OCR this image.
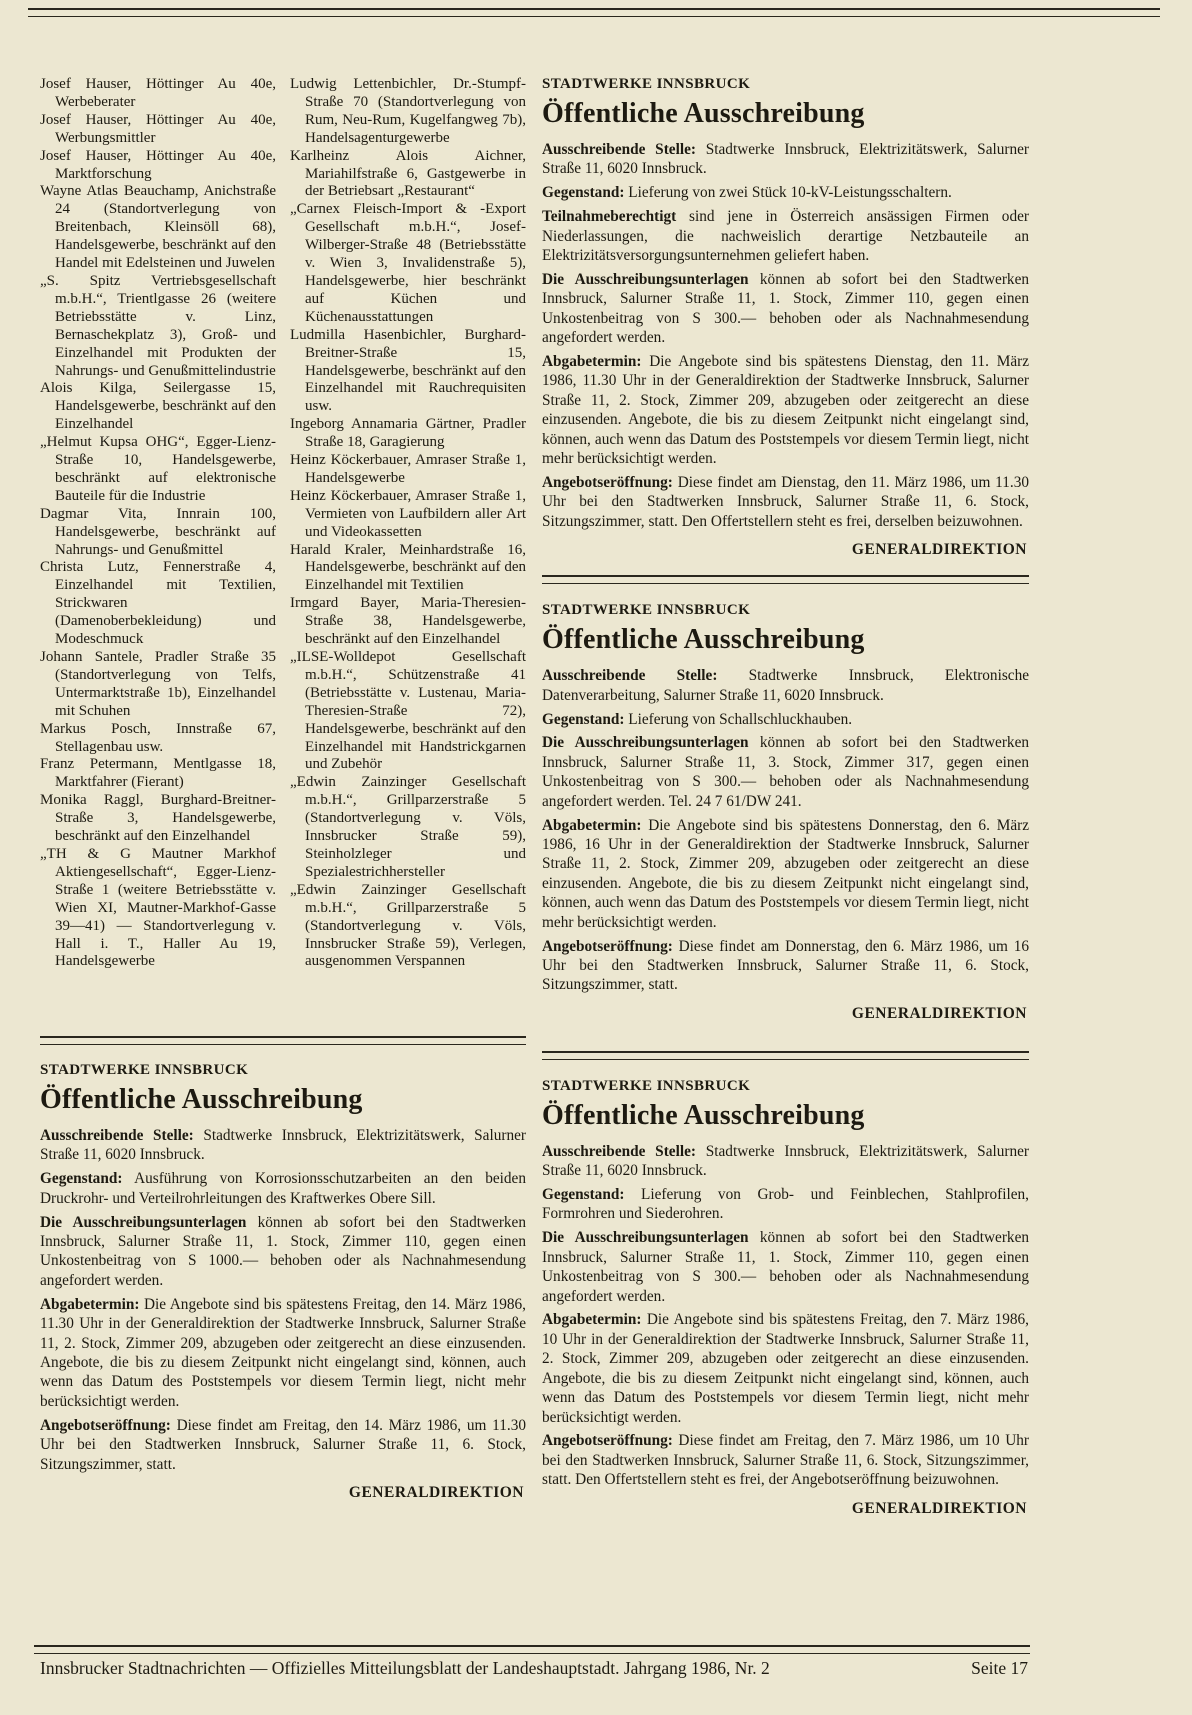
Josef Hauser, Höttinger Au 40e, Werbeberater

Josef Hauser, Höttinger Au 40e, Werbungsmittler

Josef Hauser, Höttinger Au 40e, Marktforschung

Wayne Atlas Beauchamp, Anichstraße 24 (Standortverlegung von Breitenbach, Kleinsöll 68), Handelsgewerbe, beschränkt auf den Handel mit Edelsteinen und Juwelen

„S. Spitz Vertriebsgesellschaft m.b.H.“, Trientlgasse 26 (weitere Betriebsstätte v. Linz, Bernaschekplatz 3), Groß- und Einzelhandel mit Produkten der Nahrungs- und Genußmittelindustrie

Alois Kilga, Seilergasse 15, Handelsgewerbe, beschränkt auf den Einzelhandel

„Helmut Kupsa OHG“, Egger-Lienz-Straße 10, Handelsgewerbe, beschränkt auf elektronische Bauteile für die Industrie

Dagmar Vita, Innrain 100, Handelsgewerbe, beschränkt auf Nahrungs- und Genußmittel

Christa Lutz, Fennerstraße 4, Einzelhandel mit Textilien, Strickwaren (Damenoberbekleidung) und Modeschmuck

Johann Santele, Pradler Straße 35 (Standortverlegung von Telfs, Untermarktstraße 1b), Einzelhandel mit Schuhen

Markus Posch, Innstraße 67, Stellagenbau usw.

Franz Petermann, Mentlgasse 18, Marktfahrer (Fierant)

Monika Raggl, Burghard-Breitner-Straße 3, Handelsgewerbe, beschränkt auf den Einzelhandel

„TH & G Mautner Markhof Aktiengesellschaft“, Egger-Lienz-Straße 1 (weitere Betriebsstätte v. Wien XI, Mautner-Markhof-Gasse 39—41) — Standortverlegung v. Hall i. T., Haller Au 19, Handelsgewerbe

Ludwig Lettenbichler, Dr.-Stumpf-Straße 70 (Standortverlegung von Rum, Neu-Rum, Kugelfangweg 7b), Handelsagenturgewerbe

Karlheinz Alois Aichner, Mariahilfstraße 6, Gastgewerbe in der Betriebsart „Restaurant“

„Carnex Fleisch-Import & -Export Gesellschaft m.b.H.“, Josef-Wilberger-Straße 48 (Betriebsstätte v. Wien 3, Invalidenstraße 5), Handelsgewerbe, hier beschränkt auf Küchen und Küchenausstattungen

Ludmilla Hasenbichler, Burghard-Breitner-Straße 15, Handelsgewerbe, beschränkt auf den Einzelhandel mit Rauchrequisiten usw.

Ingeborg Annamaria Gärtner, Pradler Straße 18, Garagierung

Heinz Köckerbauer, Amraser Straße 1, Handelsgewerbe

Heinz Köckerbauer, Amraser Straße 1, Vermieten von Laufbildern aller Art und Videokassetten

Harald Kraler, Meinhardstraße 16, Handelsgewerbe, beschränkt auf den Einzelhandel mit Textilien

Irmgard Bayer, Maria-Theresien-Straße 38, Handelsgewerbe, beschränkt auf den Einzelhandel

„ILSE-Wolldepot Gesellschaft m.b.H.“, Schützenstraße 41 (Betriebsstätte v. Lustenau, Maria-Theresien-Straße 72), Handelsgewerbe, beschränkt auf den Einzelhandel mit Handstrickgarnen und Zubehör

„Edwin Zainzinger Gesellschaft m.b.H.“, Grillparzerstraße 5 (Standortverlegung v. Völs, Innsbrucker Straße 59), Steinholzleger und Spezialestrichhersteller

„Edwin Zainzinger Gesellschaft m.b.H.“, Grillparzerstraße 5 (Standortverlegung v. Völs, Innsbrucker Straße 59), Verlegen, ausgenommen Verspannen

STADTWERKE INNSBRUCK

Öffentliche Ausschreibung

Ausschreibende Stelle: Stadtwerke Innsbruck, Elektrizitätswerk, Salurner Straße 11, 6020 Innsbruck.

Gegenstand: Lieferung von zwei Stück 10-kV-Leistungsschaltern.

Teilnahmeberechtigt sind jene in Österreich ansässigen Firmen oder Niederlassungen, die nachweislich derartige Netzbauteile an Elektrizitätsversorgungsunternehmen geliefert haben.

Die Ausschreibungsunterlagen können ab sofort bei den Stadtwerken Innsbruck, Salurner Straße 11, 1. Stock, Zimmer 110, gegen einen Unkostenbeitrag von S 300.— behoben oder als Nachnahmesendung angefordert werden.

Abgabetermin: Die Angebote sind bis spätestens Dienstag, den 11. März 1986, 11.30 Uhr in der Generaldirektion der Stadtwerke Innsbruck, Salurner Straße 11, 2. Stock, Zimmer 209, abzugeben oder zeitgerecht an diese einzusenden. Angebote, die bis zu diesem Zeitpunkt nicht eingelangt sind, können, auch wenn das Datum des Poststempels vor diesem Termin liegt, nicht mehr berücksichtigt werden.

Angebotseröffnung: Diese findet am Dienstag, den 11. März 1986, um 11.30 Uhr bei den Stadtwerken Innsbruck, Salurner Straße 11, 6. Stock, Sitzungszimmer, statt. Den Offertstellern steht es frei, derselben beizuwohnen.

GENERALDIREKTION

STADTWERKE INNSBRUCK

Öffentliche Ausschreibung

Ausschreibende Stelle: Stadtwerke Innsbruck, Elektronische Datenverarbeitung, Salurner Straße 11, 6020 Innsbruck.

Gegenstand: Lieferung von Schallschluckhauben.

Die Ausschreibungsunterlagen können ab sofort bei den Stadtwerken Innsbruck, Salurner Straße 11, 3. Stock, Zimmer 317, gegen einen Unkostenbeitrag von S 300.— behoben oder als Nachnahmesendung angefordert werden. Tel. 24 7 61/DW 241.

Abgabetermin: Die Angebote sind bis spätestens Donnerstag, den 6. März 1986, 16 Uhr in der Generaldirektion der Stadtwerke Innsbruck, Salurner Straße 11, 2. Stock, Zimmer 209, abzugeben oder zeitgerecht an diese einzusenden. Angebote, die bis zu diesem Zeitpunkt nicht eingelangt sind, können, auch wenn das Datum des Poststempels vor diesem Termin liegt, nicht mehr berücksichtigt werden.

Angebotseröffnung: Diese findet am Donnerstag, den 6. März 1986, um 16 Uhr bei den Stadtwerken Innsbruck, Salurner Straße 11, 6. Stock, Sitzungszimmer, statt.

GENERALDIREKTION

STADTWERKE INNSBRUCK

Öffentliche Ausschreibung

Ausschreibende Stelle: Stadtwerke Innsbruck, Elektrizitätswerk, Salurner Straße 11, 6020 Innsbruck.

Gegenstand: Lieferung von Grob- und Feinblechen, Stahlprofilen, Formrohren und Siederohren.

Die Ausschreibungsunterlagen können ab sofort bei den Stadtwerken Innsbruck, Salurner Straße 11, 1. Stock, Zimmer 110, gegen einen Unkostenbeitrag von S 300.— behoben oder als Nachnahmesendung angefordert werden.

Abgabetermin: Die Angebote sind bis spätestens Freitag, den 7. März 1986, 10 Uhr in der Generaldirektion der Stadtwerke Innsbruck, Salurner Straße 11, 2. Stock, Zimmer 209, abzugeben oder zeitgerecht an diese einzusenden. Angebote, die bis zu diesem Zeitpunkt nicht eingelangt sind, können, auch wenn das Datum des Poststempels vor diesem Termin liegt, nicht mehr berücksichtigt werden.

Angebotseröffnung: Diese findet am Freitag, den 7. März 1986, um 10 Uhr bei den Stadtwerken Innsbruck, Salurner Straße 11, 6. Stock, Sitzungszimmer, statt. Den Offertstellern steht es frei, der Angebotseröffnung beizuwohnen.

GENERALDIREKTION

STADTWERKE INNSBRUCK

Öffentliche Ausschreibung

Ausschreibende Stelle: Stadtwerke Innsbruck, Elektrizitätswerk, Salurner Straße 11, 6020 Innsbruck.

Gegenstand: Ausführung von Korrosionsschutzarbeiten an den beiden Druckrohr- und Verteilrohrleitungen des Kraftwerkes Obere Sill.

Die Ausschreibungsunterlagen können ab sofort bei den Stadtwerken Innsbruck, Salurner Straße 11, 1. Stock, Zimmer 110, gegen einen Unkostenbeitrag von S 1000.— behoben oder als Nachnahmesendung angefordert werden.

Abgabetermin: Die Angebote sind bis spätestens Freitag, den 14. März 1986, 11.30 Uhr in der Generaldirektion der Stadtwerke Innsbruck, Salurner Straße 11, 2. Stock, Zimmer 209, abzugeben oder zeitgerecht an diese einzusenden. Angebote, die bis zu diesem Zeitpunkt nicht eingelangt sind, können, auch wenn das Datum des Poststempels vor diesem Termin liegt, nicht mehr berücksichtigt werden.

Angebotseröffnung: Diese findet am Freitag, den 14. März 1986, um 11.30 Uhr bei den Stadtwerken Innsbruck, Salurner Straße 11, 6. Stock, Sitzungszimmer, statt.

GENERALDIREKTION

Innsbrucker Stadtnachrichten — Offizielles Mitteilungsblatt der Landeshauptstadt. Jahrgang 1986, Nr. 2	Seite 17
